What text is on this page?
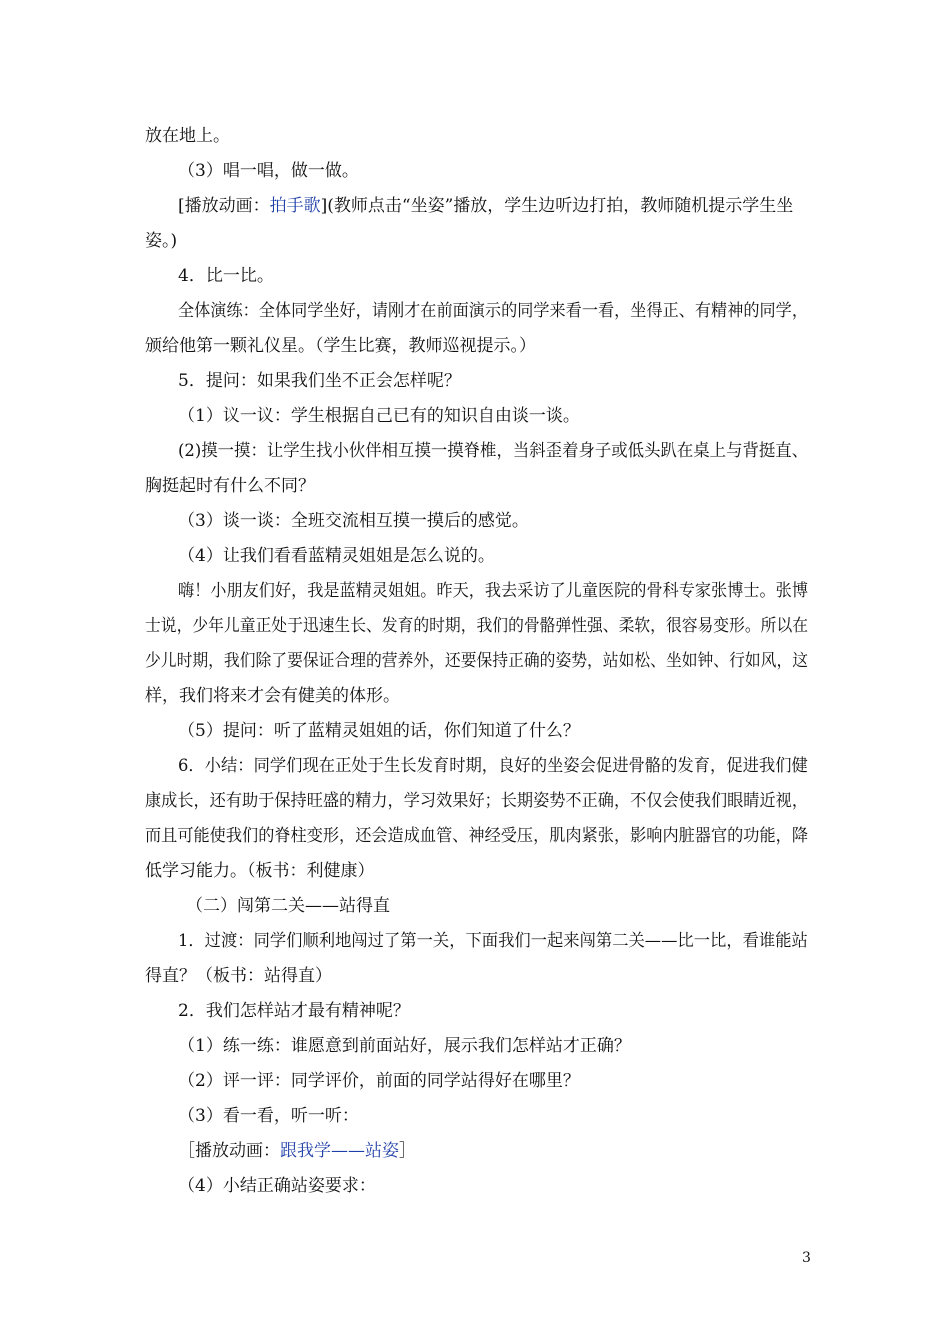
放在地上。
（3）唱一唱，做一做。
[播放动画：拍手歌](教师点击“坐姿”播放，学生边听边打拍，教师随机提示学生坐
姿。)
4．比一比。
全体演练：全体同学坐好，请刚才在前面演示的同学来看一看，坐得正、有精神的同学，
颁给他第一颗礼仪星。（学生比赛，教师巡视提示。）
5．提问：如果我们坐不正会怎样呢？
（1）议一议：学生根据自己已有的知识自由谈一谈。
(2)摸一摸：让学生找小伙伴相互摸一摸脊椎，当斜歪着身子或低头趴在桌上与背挺直、
胸挺起时有什么不同？
（3）谈一谈：全班交流相互摸一摸后的感觉。
（4）让我们看看蓝精灵姐姐是怎么说的。
嗨！小朋友们好，我是蓝精灵姐姐。昨天，我去采访了儿童医院的骨科专家张博士。张博
士说，少年儿童正处于迅速生长、发育的时期，我们的骨骼弹性强、柔软，很容易变形。所以在
少儿时期，我们除了要保证合理的营养外，还要保持正确的姿势，站如松、坐如钟、行如风，这
样，我们将来才会有健美的体形。
（5）提问：听了蓝精灵姐姐的话，你们知道了什么？
6．小结：同学们现在正处于生长发育时期，良好的坐姿会促进骨骼的发育，促进我们健
康成长，还有助于保持旺盛的精力，学习效果好；长期姿势不正确，不仅会使我们眼睛近视，
而且可能使我们的脊柱变形，还会造成血管、神经受压，肌肉紧张，影响内脏器官的功能，降
低学习能力。（板书：利健康）
（二）闯第二关——站得直
1．过渡：同学们顺利地闯过了第一关，下面我们一起来闯第二关——比一比，看谁能站
得直？（板书：站得直）
2．我们怎样站才最有精神呢？
（1）练一练：谁愿意到前面站好，展示我们怎样站才正确？
（2）评一评：同学评价，前面的同学站得好在哪里？
（3）看一看，听一听：
［播放动画：跟我学——站姿］
（4）小结正确站姿要求：
3
